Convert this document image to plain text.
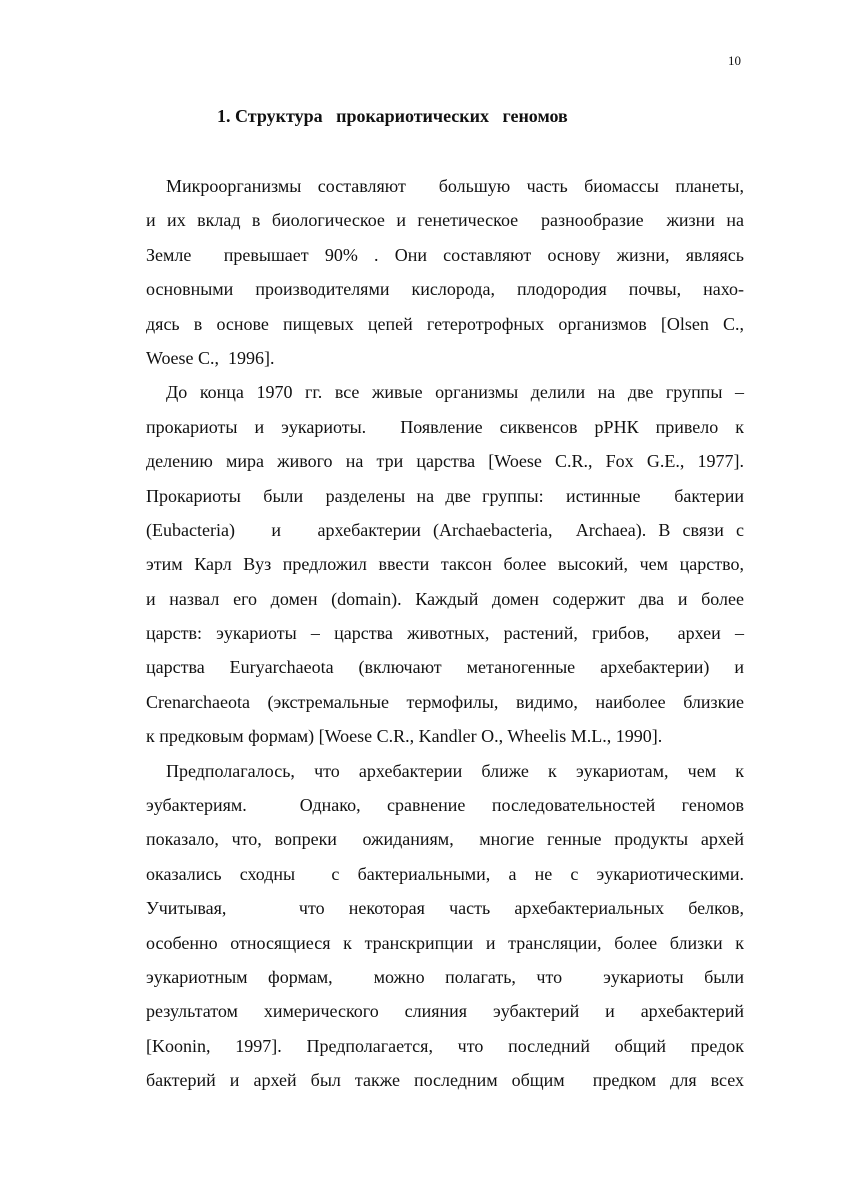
10
1. Структура   прокариотических   геномов
Микроорганизмы составляют  большую часть биомассы планеты,
и их вклад в биологическое и генетическое  разнообразие  жизни на
Земле  превышает 90% . Они составляют основу жизни, являясь
основными производителями кислорода, плодородия почвы, нахо-
дясь в основе пищевых цепей гетеротрофных организмов [Olsen C.,
Woese C.,  1996].
До конца 1970 гг. все живые организмы делили на две группы –
прокариоты и эукариоты.  Появление сиквенсов рРНК привело к
делению мира живого на три царства [Woese C.R., Fox G.E., 1977].
Прокариоты  были  разделены на две группы:  истинные   бактерии
(Eubacteria)   и   архебактерии (Archaebacteria,  Archaea). В связи с
этим Карл Вуз предложил ввести таксон более высокий, чем царство,
и назвал его домен (domain). Каждый домен содержит два и более
царств: эукариоты – царства животных, растений, грибов,  археи –
царства Euryarchaeota (включают метаногенные архебактерии) и
Crenarchaeota (экстремальные термофилы, видимо, наиболее близкие
к предковым формам) [Woese C.R., Kandler O., Wheelis M.L., 1990].
Предполагалось, что архебактерии ближе к эукариотам, чем к
эубактериям.  Однако, сравнение последовательностей геномов
показало, что, вопреки  ожиданиям,  многие генные продукты архей
оказались сходны  с бактериальными, а не с эукариотическими.
Учитывая,   что некоторая часть архебактериальных белков,
особенно относящиеся к транскрипции и трансляции, более близки к
эукариотным формам,  можно полагать, что  эукариоты были
результатом химерического слияния эубактерий и архебактерий
[Koonin, 1997]. Предполагается, что последний общий предок
бактерий и архей был также последним общим  предком для всех
